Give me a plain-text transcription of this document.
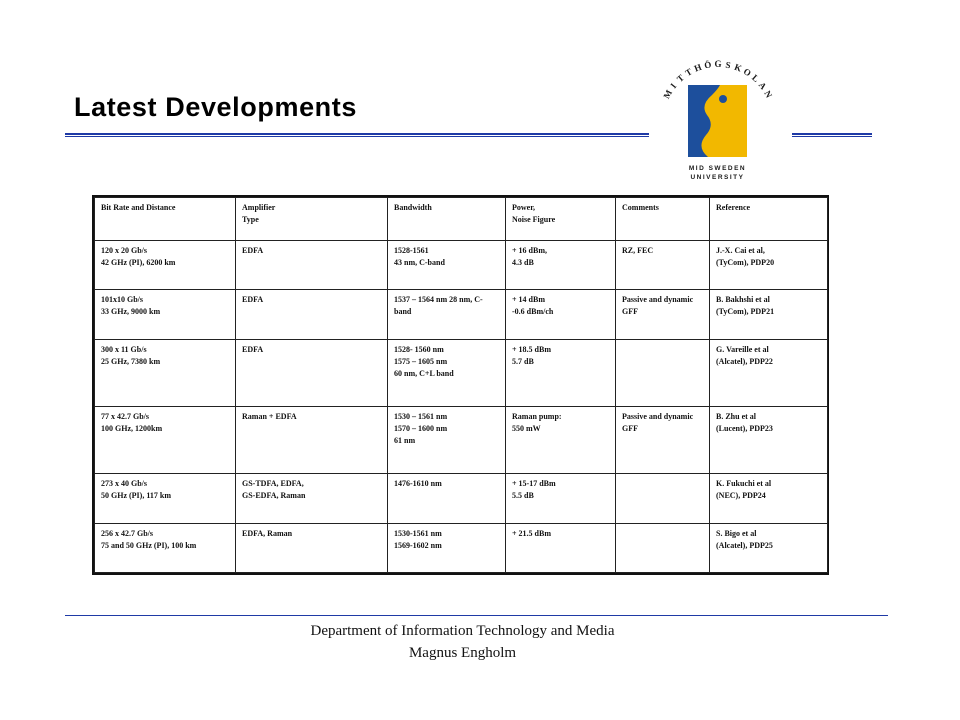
Latest Developments	M
I
T
T
H Ö G S K
O
L
A
N
MID SWEDEN
UNIVERSITY
Bit Rate and Distance	Amplifier
Type	Bandwidth	Power,
Noise Figure	Comments	Reference
120 x 20 Gb/s
42 GHz (PI), 6200 km	EDFA	1528-1561
43 nm, C-band	+ 16 dBm,
4.3 dB	RZ, FEC	J.-X. Cai et al,
(TyCom), PDP20
101x10 Gb/s
33 GHz, 9000 km	EDFA	1537 – 1564 nm 28 nm, C-
band	+ 14 dBm
-0.6 dBm/ch	Passive and dynamic
GFF	B. Bakhshi et al
(TyCom), PDP21
300 x 11 Gb/s
25 GHz, 7380 km	EDFA	1528- 1560 nm
1575 – 1605 nm
60 nm, C+L band	+ 18.5 dBm
5.7 dB		G. Vareille et al
(Alcatel), PDP22
77 x 42.7 Gb/s
100 GHz, 1200km	Raman + EDFA	1530 – 1561 nm
1570 – 1600 nm
61 nm	Raman pump:
550 mW	Passive and dynamic
GFF	B. Zhu et al
(Lucent), PDP23
273 x 40 Gb/s
50 GHz (PI), 117 km	GS-TDFA, EDFA,
GS-EDFA, Raman	1476-1610 nm	+ 15-17 dBm
5.5 dB		K. Fukuchi et al
(NEC), PDP24
256 x 42.7 Gb/s
75 and 50 GHz (PI), 100 km	EDFA, Raman	1530-1561 nm
1569-1602 nm	+ 21.5 dBm		S. Bigo et al
(Alcatel), PDP25
Department of Information Technology and Media
Magnus Engholm
